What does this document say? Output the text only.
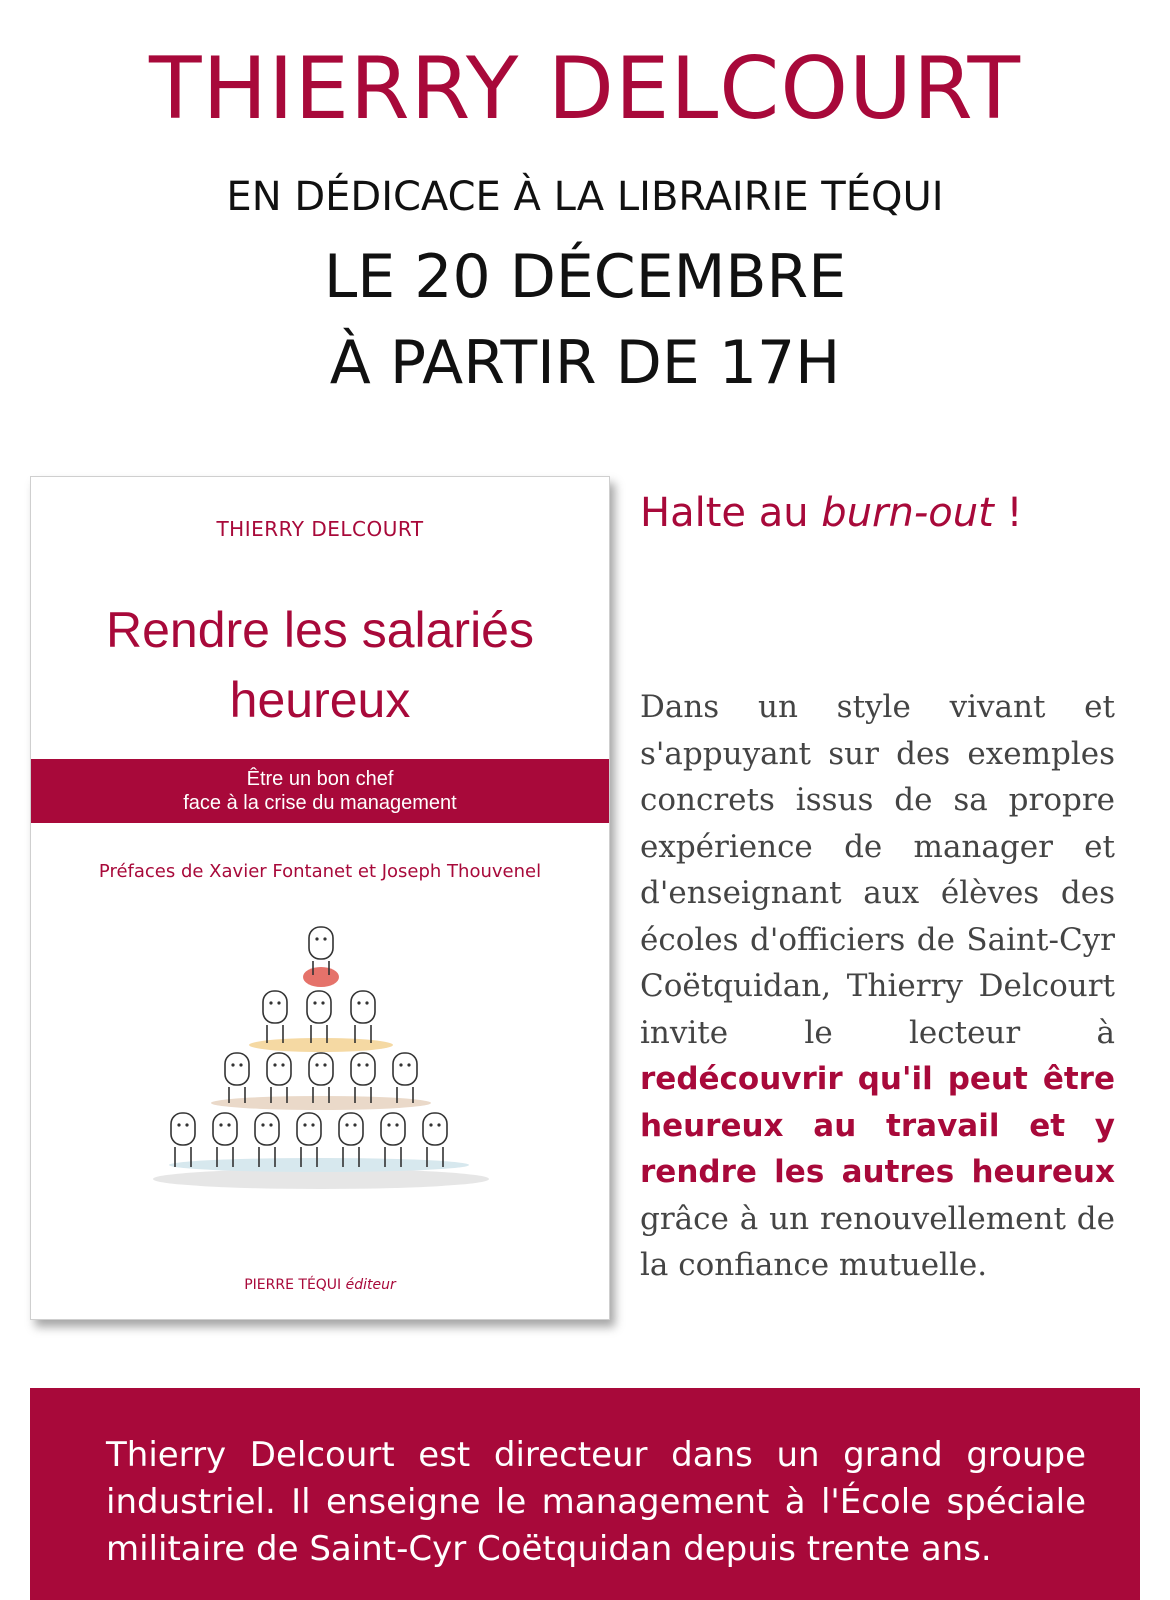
THIERRY DELCOURT

EN DÉDICACE À LA LIBRAIRIE TÉQUI

LE 20 DÉCEMBRE

À PARTIR DE 17H

THIERRY DELCOURT
Rendre les salariés
heureux
Être un bon chef
face à la crise du management
Préfaces de Xavier Fontanet et Joseph Thouvenel
PIERRE TÉQUI éditeur
Halte au burn-out !

Dans un style vivant et s'appuyant sur des exemples concrets issus de sa propre expérience de manager et d'enseignant aux élèves des écoles d'officiers de Saint-Cyr Coëtquidan, Thierry Delcourt invite le lecteur à redécouvrir qu'il peut être heureux au travail et y rendre les autres heureux grâce à un renouvellement de la confiance mutuelle.

Thierry Delcourt est directeur dans un grand groupe industriel. Il enseigne le management à l'École spéciale militaire de Saint-Cyr Coëtquidan depuis trente ans.
